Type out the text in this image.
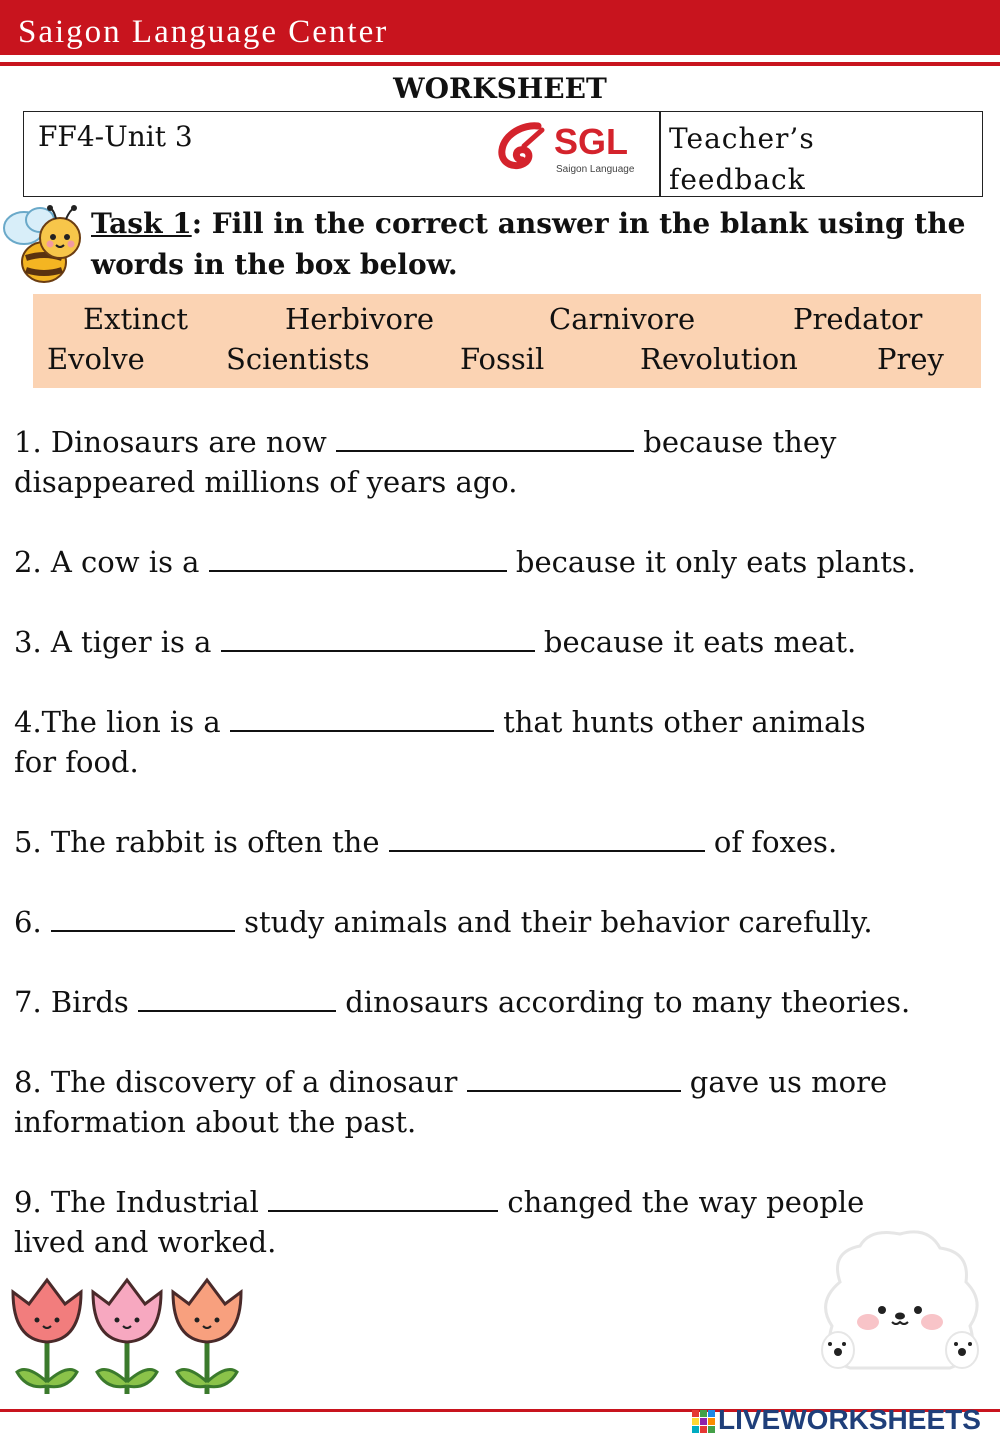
Saigon Language Center
WORKSHEET
FF4-Unit 3	SGL
Saigon Language
Teacher’s
feedback
Task 1: Fill in the correct answer in the blank using the words in the box below.
Extinct	Herbivore	Carnivore	Predator
Evolve	Scientists	Fossil	Revolution	Prey
1. Dinosaurs are now	because they
disappeared millions of years ago.
2. A cow is a	because it only eats plants.
3. A tiger is a	because it eats meat.
4.The lion is a	that hunts other animals
for food.
5. The rabbit is often the	of foxes.
6.	study animals and their behavior carefully.
7. Birds	dinosaurs according to many theories.
8. The discovery of a dinosaur	gave us more
information about the past.
9. The Industrial	changed the way people
lived and worked.
LIVEWORKSHEETS
